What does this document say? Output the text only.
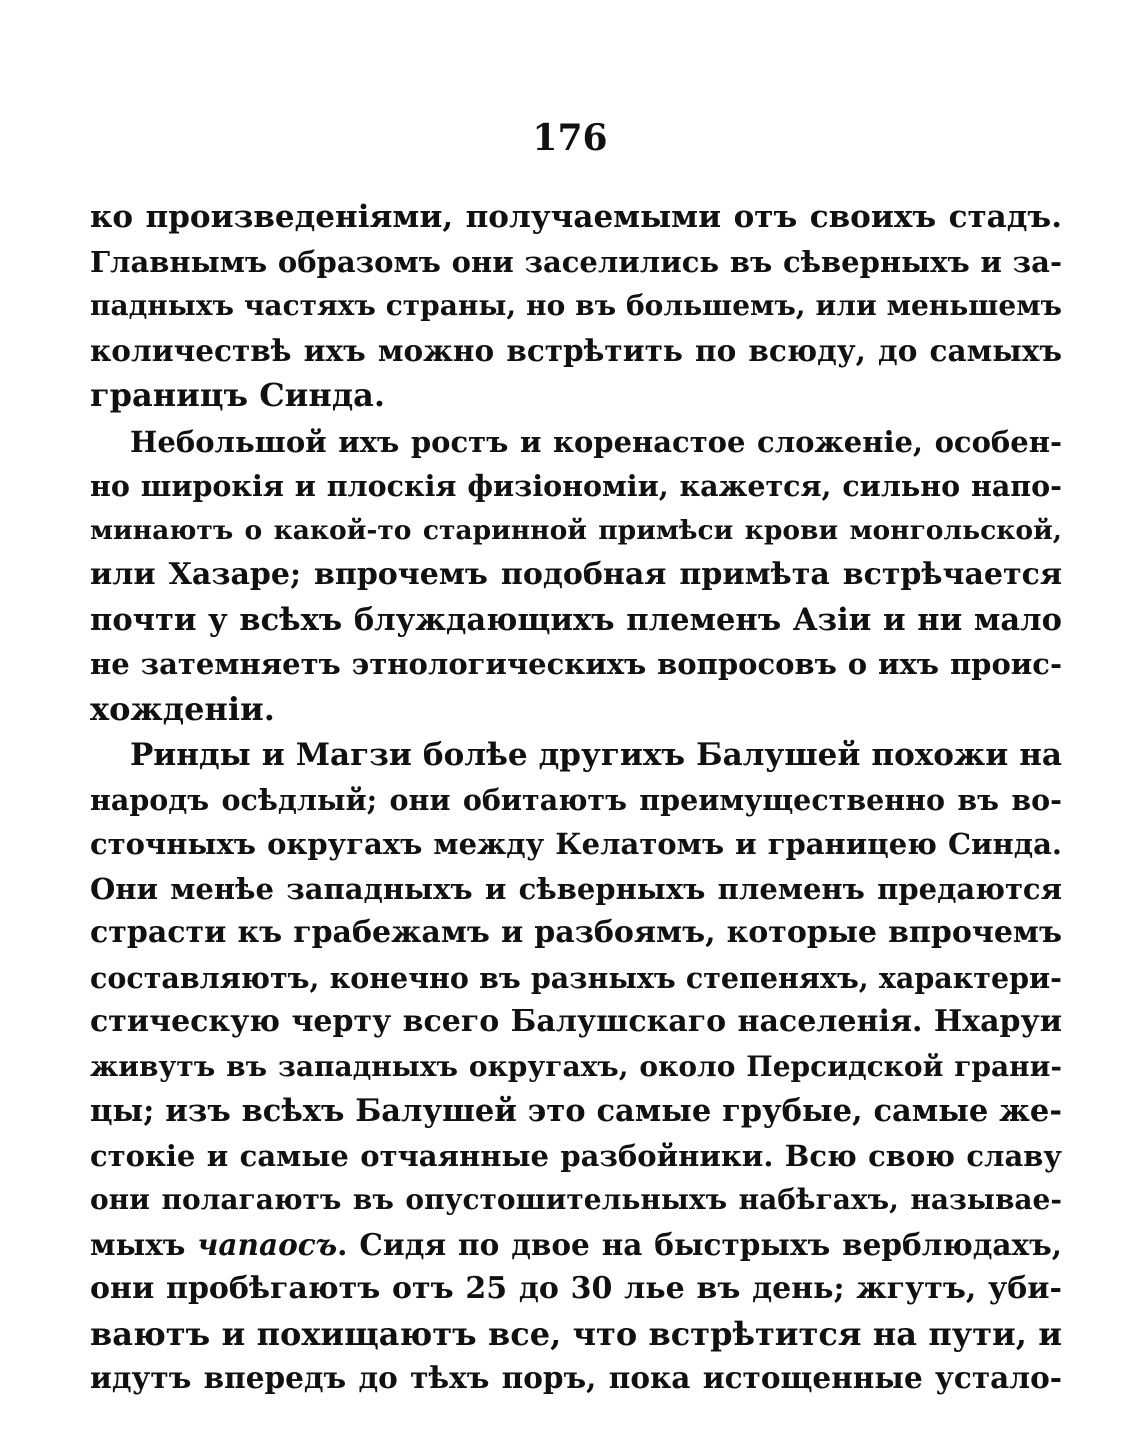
176

ко произведеніями, получаемыми отъ своихъ стадъ.
Главнымъ образомъ они заселились въ сѣверныхъ и за-
падныхъ частяхъ страны, но въ большемъ, или меньшемъ
количествѣ ихъ можно встрѣтить по всюду, до самыхъ
границъ Синда.

Небольшой ихъ ростъ и коренастое сложеніе, особен-
но широкія и плоскія физіономіи, кажется, сильно напо-
минаютъ о какой-то старинной примѣси крови монгольской,
или Хазаре; впрочемъ подобная примѣта встрѣчается
почти у всѣхъ блуждающихъ племенъ Азіи и ни мало
не затемняетъ этнологическихъ вопросовъ о ихъ проис-
хожденіи.

Ринды и Магзи болѣе другихъ Балушей похожи на
народъ осѣдлый; они обитаютъ преимущественно въ во-
сточныхъ округахъ между Келатомъ и границею Синда.
Они менѣе западныхъ и сѣверныхъ племенъ предаются
страсти къ грабежамъ и разбоямъ, которые впрочемъ
составляютъ, конечно въ разныхъ степеняхъ, характери-
стическую черту всего Балушскаго населенія. Нхаруи
живутъ въ западныхъ округахъ, около Персидской грани-
цы; изъ всѣхъ Балушей это самые грубые, самые же-
стокіе и самые отчаянные разбойники. Всю свою славу
они полагаютъ въ опустошительныхъ набѣгахъ, называе-
мыхъ чапаосъ. Сидя по двое на быстрыхъ верблюдахъ,
они пробѣгаютъ отъ 25 до 30 лье въ день; жгутъ, уби-
ваютъ и похищаютъ все, что встрѣтится на пути, и
идутъ впередъ до тѣхъ поръ, пока истощенные устало-
